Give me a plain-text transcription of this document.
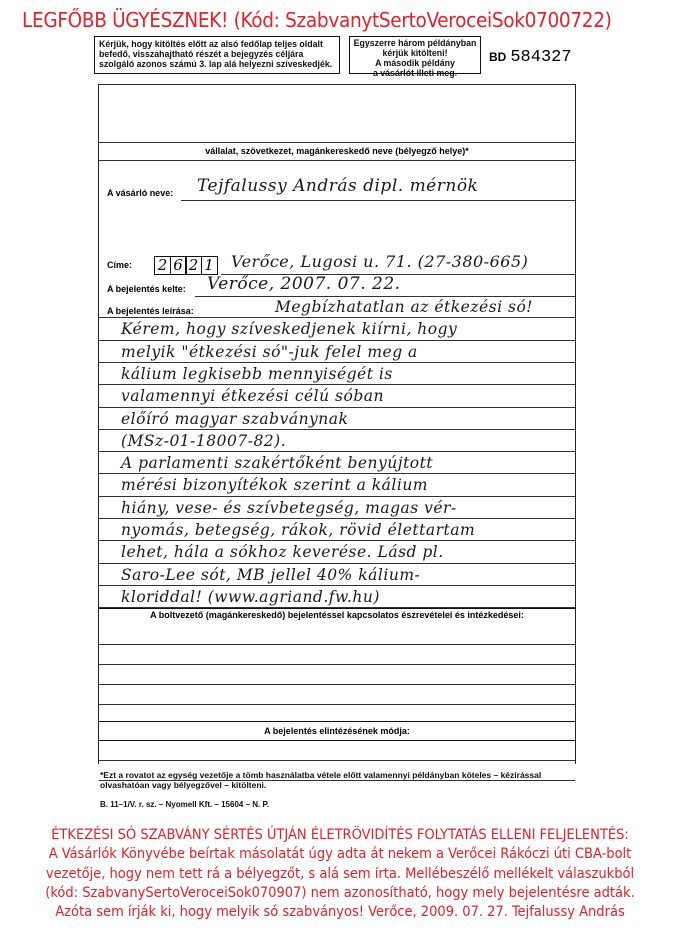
LEGFŐBB ÜGYÉSZNEK! (Kód: SzabvanytSertoVeroceiSok0700722)
Kérjük, hogy kitöltés előtt az alsó fedőlap teljes oldalt befedő, visszahajtható részét a bejegyzés céljára szolgáló azonos számú 3. lap alá helyezni szíveskedjék.
Egyszerre három példányban
kérjük kitölteni!
A második példány
a vásárlót illeti meg.
BD 584327
vállalat, szövetkezet, magánkereskedő neve (bélyegző helye)*
A vásárló neve: Tejfalussy András dipl. mérnök
Címe: 2 6 2 1 Verőce, Lugosi u. 71. (27-380-665)
A bejelentés kelte: Verőce, 2007. 07. 22.
A bejelentés leírása:
A boltvezető (magánkereskedő) bejelentéssel kapcsolatos észrevételei és intézkedései:
A bejelentés elintézésének módja:
Megbízhatatlan az étkezési só!
Kérem, hogy szíveskedjenek kiírni, hogy
melyik "étkezési só"-juk felel meg a
kálium legkisebb mennyiségét is
valamennyi étkezési célú sóban
előíró magyar szabványnak
(MSz-01-18007-82).
A parlamenti szakértőként benyújtott
mérési bizonyítékok szerint a kálium
hiány, vese- és szívbetegség, magas vér-
nyomás, betegség, rákok, rövid élettartam
lehet, hála a sókhoz keverése. Lásd pl.
Saro-Lee sót, MB jellel 40% kálium-
kloriddal! (www.agriand.fw.hu)
*Ezt a rovatot az egység vezetője a tömb használatba vétele előtt valamennyi példányban köteles – kézírással olvashatóan vagy bélyegzővel – kitölteni.
B. 11–1/V. r. sz. – Nyomell Kft. – 15604 – N. P.
ÉTKEZÉSI SÓ SZABVÁNY SÉRTÉS ÚTJÁN ÉLETRÖVIDÍTÉS FOLYTATÁS ELLENI FELJELENTÉS:
A Vásárlók Könyvébe beírtak másolatát úgy adta át nekem a Verőcei Rákóczi úti CBA-bolt
vezetője, hogy nem tett rá a bélyegzőt, s alá sem írta. Mellébeszélő mellékelt válaszukból
(kód: SzabvanySertoVeroceiSok070907) nem azonosítható, hogy mely bejelentésre adták.
Azóta sem írják ki, hogy melyik só szabványos! Verőce, 2009. 07. 27. Tejfalussy András
